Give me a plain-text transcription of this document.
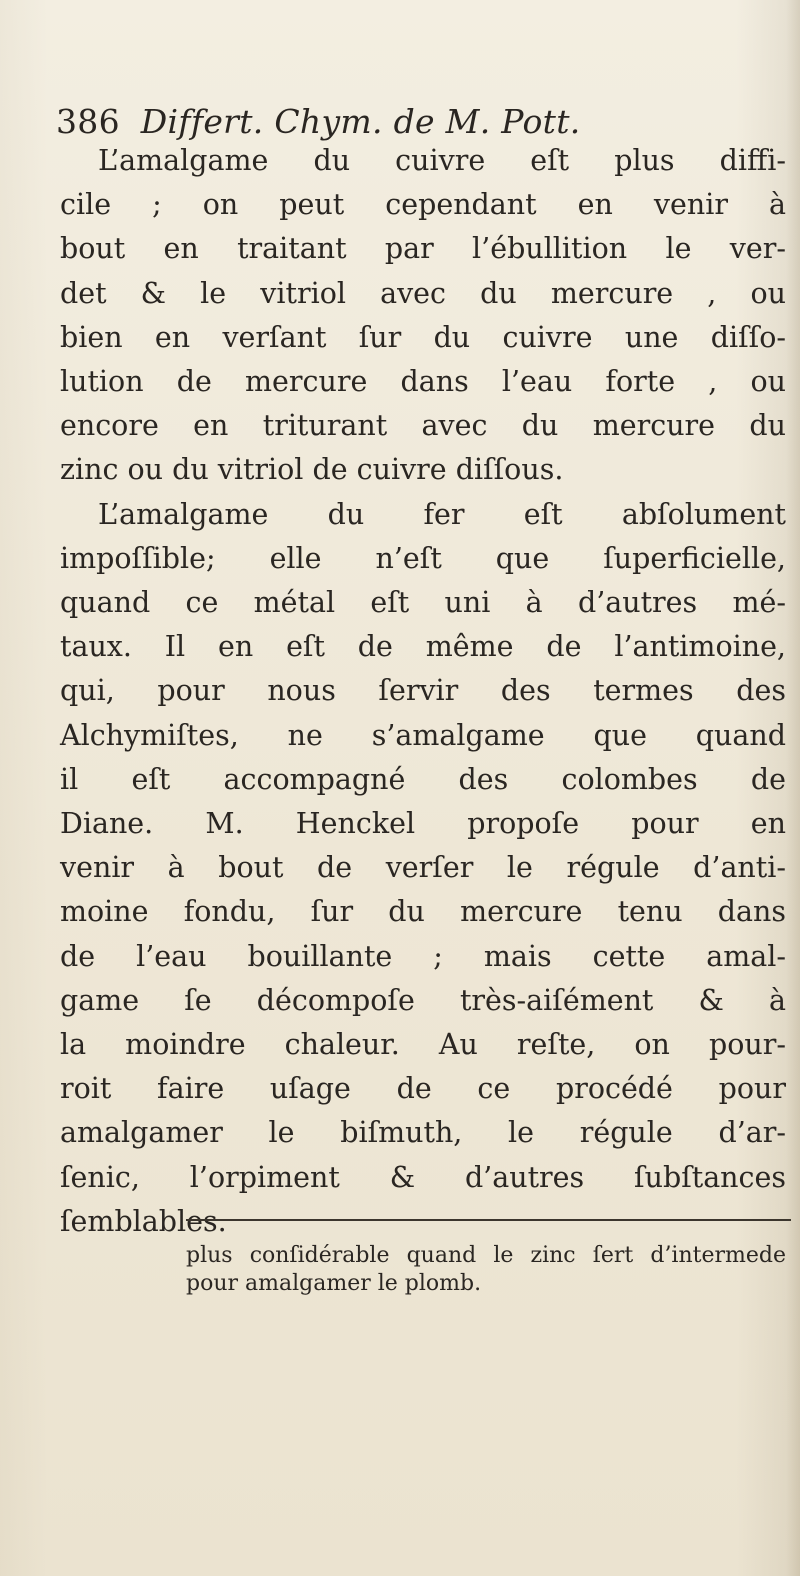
386 Differt. Chym. de M. Pott.
L’amalgame du cuivre eſt plus diffi-
cile ; on peut cependant en venir à
bout en traitant par l’ébullition le ver-
det & le vitriol avec du mercure , ou
bien en verſant ſur du cuivre une diſſo-
lution de mercure dans l’eau forte , ou
encore en triturant avec du mercure du
zinc ou du vitriol de cuivre diſſous.
L’amalgame du fer eſt abſolument
impoſſible; elle n’eſt que ſuperficielle,
quand ce métal eſt uni à d’autres mé-
taux. Il en eſt de même de l’antimoine,
qui, pour nous ſervir des termes des
Alchymiſtes, ne s’amalgame que quand
il eſt accompagné des colombes de
Diane. M. Henckel propoſe pour en
venir à bout de verſer le régule d’anti-
moine fondu, ſur du mercure tenu dans
de l’eau bouillante ; mais cette amal-
game ſe décompoſe très-aiſément & à
la moindre chaleur. Au reſte, on pour-
roit faire uſage de ce procédé pour
amalgamer le biſmuth, le régule d’ar-
ſenic, l’orpiment & d’autres ſubſtances
ſemblables.
plus conſidérable quand le zinc ſert d’intermede
pour amalgamer le plomb.
